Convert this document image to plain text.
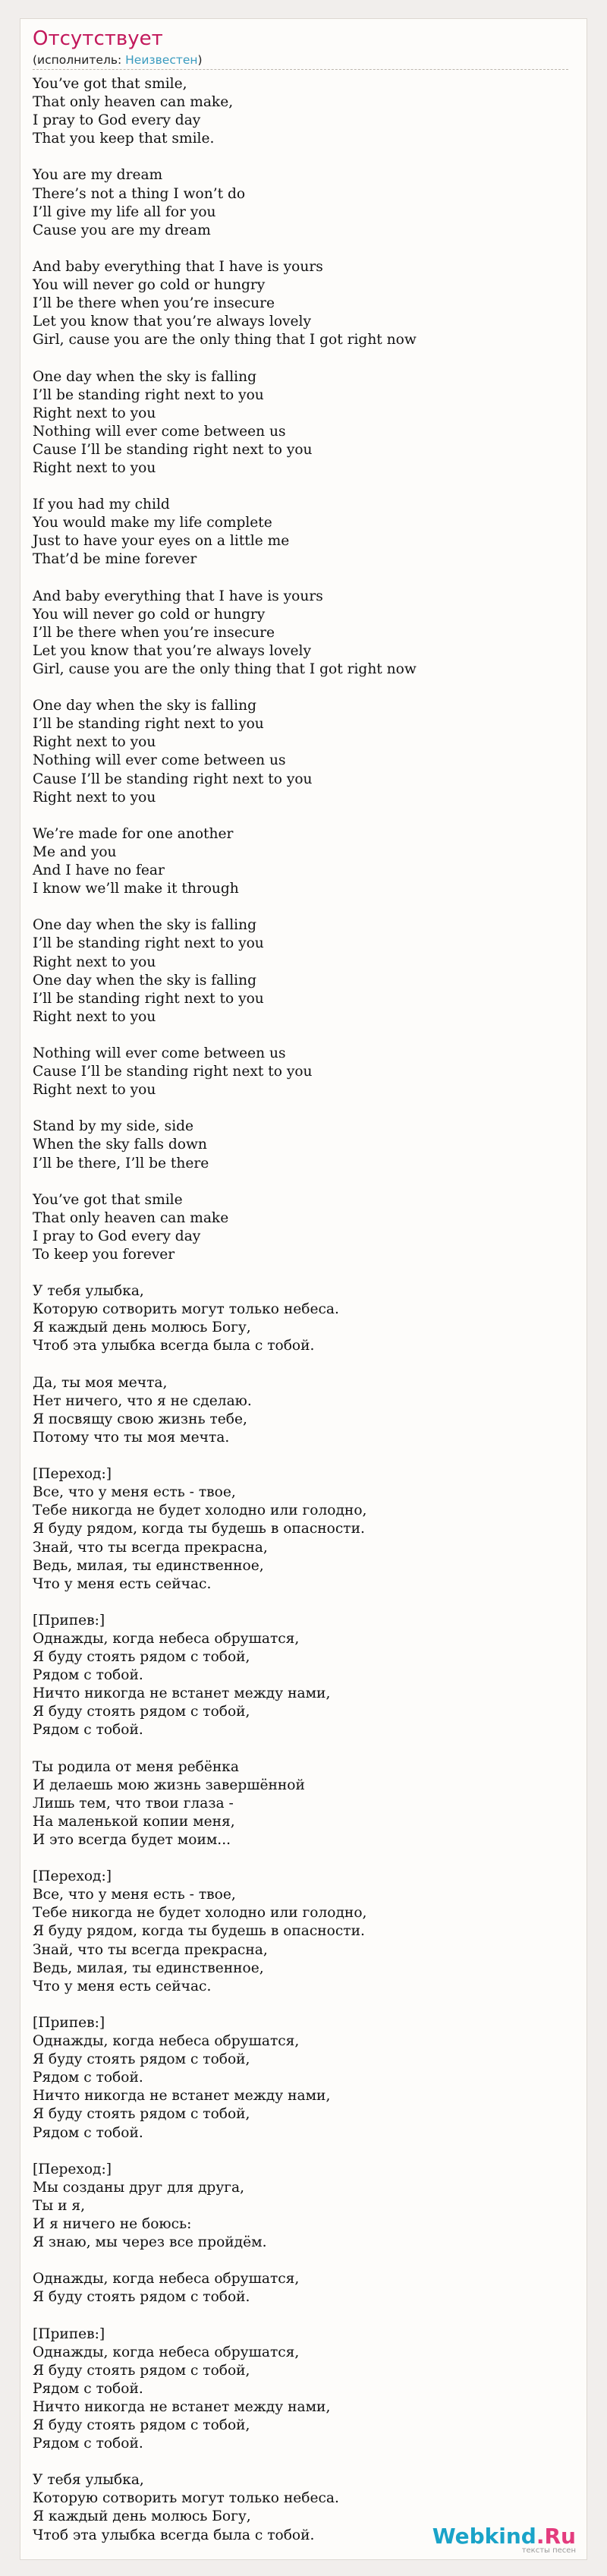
Отсутствует
(исполнитель: Неизвестен)
You’ve got that smile,
That only heaven can make,
I pray to God every day
That you keep that smile.
You are my dream
There’s not a thing I won’t do
I’ll give my life all for you
Cause you are my dream
And baby everything that I have is yours
You will never go cold or hungry
I’ll be there when you’re insecure
Let you know that you’re always lovely
Girl, cause you are the only thing that I got right now
One day when the sky is falling
I’ll be standing right next to you
Right next to you
Nothing will ever come between us
Cause I’ll be standing right next to you
Right next to you
If you had my child
You would make my life complete
Just to have your eyes on a little me
That’d be mine forever
And baby everything that I have is yours
You will never go cold or hungry
I’ll be there when you’re insecure
Let you know that you’re always lovely
Girl, cause you are the only thing that I got right now
One day when the sky is falling
I’ll be standing right next to you
Right next to you
Nothing will ever come between us
Cause I’ll be standing right next to you
Right next to you
We’re made for one another
Me and you
And I have no fear
I know we’ll make it through
One day when the sky is falling
I’ll be standing right next to you
Right next to you
One day when the sky is falling
I’ll be standing right next to you
Right next to you
Nothing will ever come between us
Cause I’ll be standing right next to you
Right next to you
Stand by my side, side
When the sky falls down
I’ll be there, I’ll be there
You’ve got that smile
That only heaven can make
I pray to God every day
To keep you forever
У тебя улыбка,
Которую сотворить могут только небеса.
Я каждый день молюсь Богу,
Чтоб эта улыбка всегда была с тобой.
Да, ты моя мечта,
Нет ничего, что я не сделаю.
Я посвящу свою жизнь тебе,
Потому что ты моя мечта.
[Переход:]
Все, что у меня есть - твое,
Тебе никогда не будет холодно или голодно,
Я буду рядом, когда ты будешь в опасности.
Знай, что ты всегда прекрасна,
Ведь, милая, ты единственное,
Что у меня есть сейчас.
[Припев:]
Однажды, когда небеса обрушатся,
Я буду стоять рядом с тобой,
Рядом с тобой.
Ничто никогда не встанет между нами,
Я буду стоять рядом с тобой,
Рядом с тобой.
Ты родила от меня ребёнка
И делаешь мою жизнь завершённой
Лишь тем, что твои глаза -
На маленькой копии меня,
И это всегда будет моим...
[Переход:]
Все, что у меня есть - твое,
Тебе никогда не будет холодно или голодно,
Я буду рядом, когда ты будешь в опасности.
Знай, что ты всегда прекрасна,
Ведь, милая, ты единственное,
Что у меня есть сейчас.
[Припев:]
Однажды, когда небеса обрушатся,
Я буду стоять рядом с тобой,
Рядом с тобой.
Ничто никогда не встанет между нами,
Я буду стоять рядом с тобой,
Рядом с тобой.
[Переход:]
Мы созданы друг для друга,
Ты и я,
И я ничего не боюсь:
Я знаю, мы через все пройдём.
Однажды, когда небеса обрушатся,
Я буду стоять рядом с тобой.
[Припев:]
Однажды, когда небеса обрушатся,
Я буду стоять рядом с тобой,
Рядом с тобой.
Ничто никогда не встанет между нами,
Я буду стоять рядом с тобой,
Рядом с тобой.
У тебя улыбка,
Которую сотворить могут только небеса.
Я каждый день молюсь Богу,
Чтоб эта улыбка всегда была с тобой.	Webkind.Ru
тексты песен
